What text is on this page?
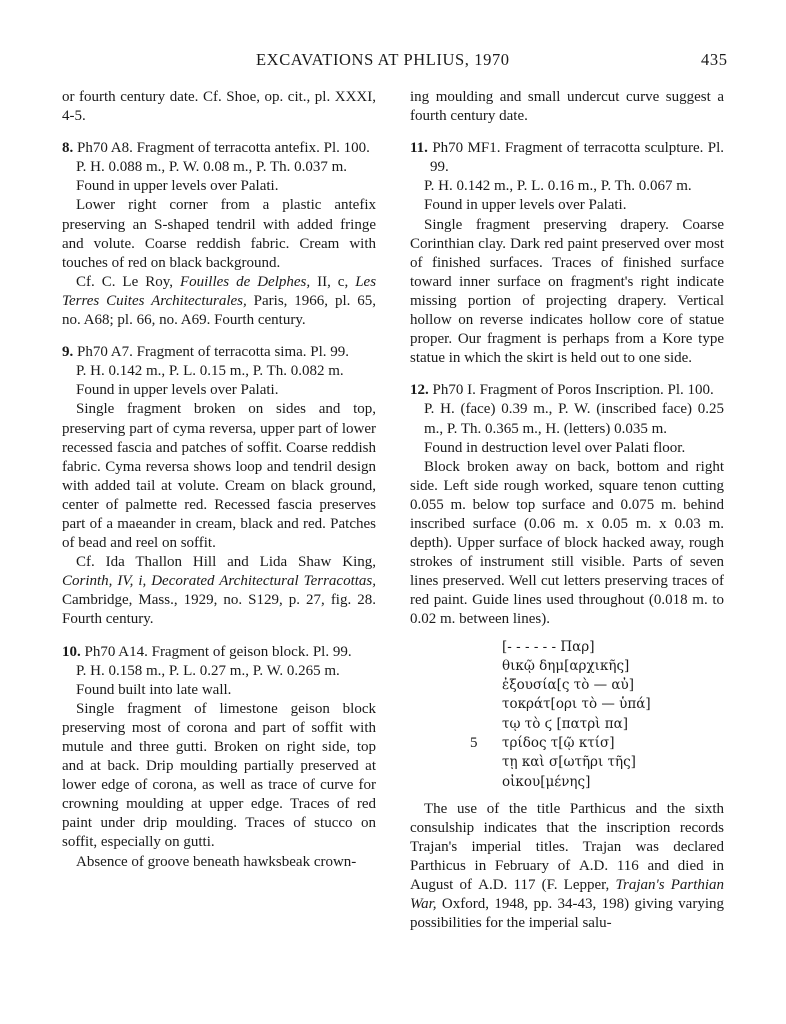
EXCAVATIONS AT PHLIUS, 1970	435

or fourth century date. Cf. Shoe, op. cit., pl. XXXI, 4-5.

8. Ph70 A8. Fragment of terracotta antefix. Pl. 100.

P. H. 0.088 m., P. W. 0.08 m., P. Th. 0.037 m.

Found in upper levels over Palati.

Lower right corner from a plastic antefix preserving an S-shaped tendril with added fringe and volute. Coarse reddish fabric. Cream with touches of red on black background.

Cf. C. Le Roy, Fouilles de Delphes, II, c, Les Terres Cuites Architecturales, Paris, 1966, pl. 65, no. A68; pl. 66, no. A69. Fourth century.

9. Ph70 A7. Fragment of terracotta sima. Pl. 99.

P. H. 0.142 m., P. L. 0.15 m., P. Th. 0.082 m.

Found in upper levels over Palati.

Single fragment broken on sides and top, preserving part of cyma reversa, upper part of lower recessed fascia and patches of soffit. Coarse reddish fabric. Cyma reversa shows loop and tendril design with added tail at volute. Cream on black ground, center of palmette red. Recessed fascia preserves part of a maeander in cream, black and red. Patches of bead and reel on soffit.

Cf. Ida Thallon Hill and Lida Shaw King, Corinth, IV, i, Decorated Architectural Terracottas, Cambridge, Mass., 1929, no. S129, p. 27, fig. 28. Fourth century.

10. Ph70 A14. Fragment of geison block. Pl. 99.

P. H. 0.158 m., P. L. 0.27 m., P. W. 0.265 m.

Found built into late wall.

Single fragment of limestone geison block preserving most of corona and part of soffit with mutule and three gutti. Broken on right side, top and at back. Drip moulding partially preserved at lower edge of corona, as well as trace of curve for crowning moulding at upper edge. Traces of red paint under drip moulding. Traces of stucco on soffit, especially on gutti.

Absence of groove beneath hawksbeak crown-

ing moulding and small undercut curve suggest a fourth century date.

11. Ph70 MF1. Fragment of terracotta sculpture. Pl. 99.

P. H. 0.142 m., P. L. 0.16 m., P. Th. 0.067 m.

Found in upper levels over Palati.

Single fragment preserving drapery. Coarse Corinthian clay. Dark red paint preserved over most of finished surfaces. Traces of finished surface toward inner surface on fragment's right indicate missing portion of projecting drapery. Vertical hollow on reverse indicates hollow core of statue proper. Our fragment is perhaps from a Kore type statue in which the skirt is held out to one side.

12. Ph70 I. Fragment of Poros Inscription. Pl. 100.

P. H. (face) 0.39 m., P. W. (inscribed face) 0.25 m., P. Th. 0.365 m., H. (letters) 0.035 m.

Found in destruction level over Palati floor.

Block broken away on back, bottom and right side. Left side rough worked, square tenon cutting 0.055 m. below top surface and 0.075 m. behind inscribed surface (0.06 m. x 0.05 m. x 0.03 m. depth). Upper surface of block hacked away, rough strokes of instrument still visible. Parts of seven lines preserved. Well cut letters preserving traces of red paint. Guide lines used throughout (0.018 m. to 0.02 m. between lines).

[- - - - - - Παρ]
θικῷ δημ[αρχικῆς]
ἐξουσία[ς τὸ — αὐ]
τοκράτ[ορι τὸ — ὑπά]
τῳ τὸ ϛ [πατρὶ πα]
5 τρίδος τ[ῷ κτίσ]
τῃ καὶ σ[ωτῆρι τῆς]
οἰκου[μένης]

The use of the title Parthicus and the sixth consulship indicates that the inscription records Trajan's imperial titles. Trajan was declared Parthicus in February of A.D. 116 and died in August of A.D. 117 (F. Lepper, Trajan's Parthian War, Oxford, 1948, pp. 34-43, 198) giving varying possibilities for the imperial salu-
